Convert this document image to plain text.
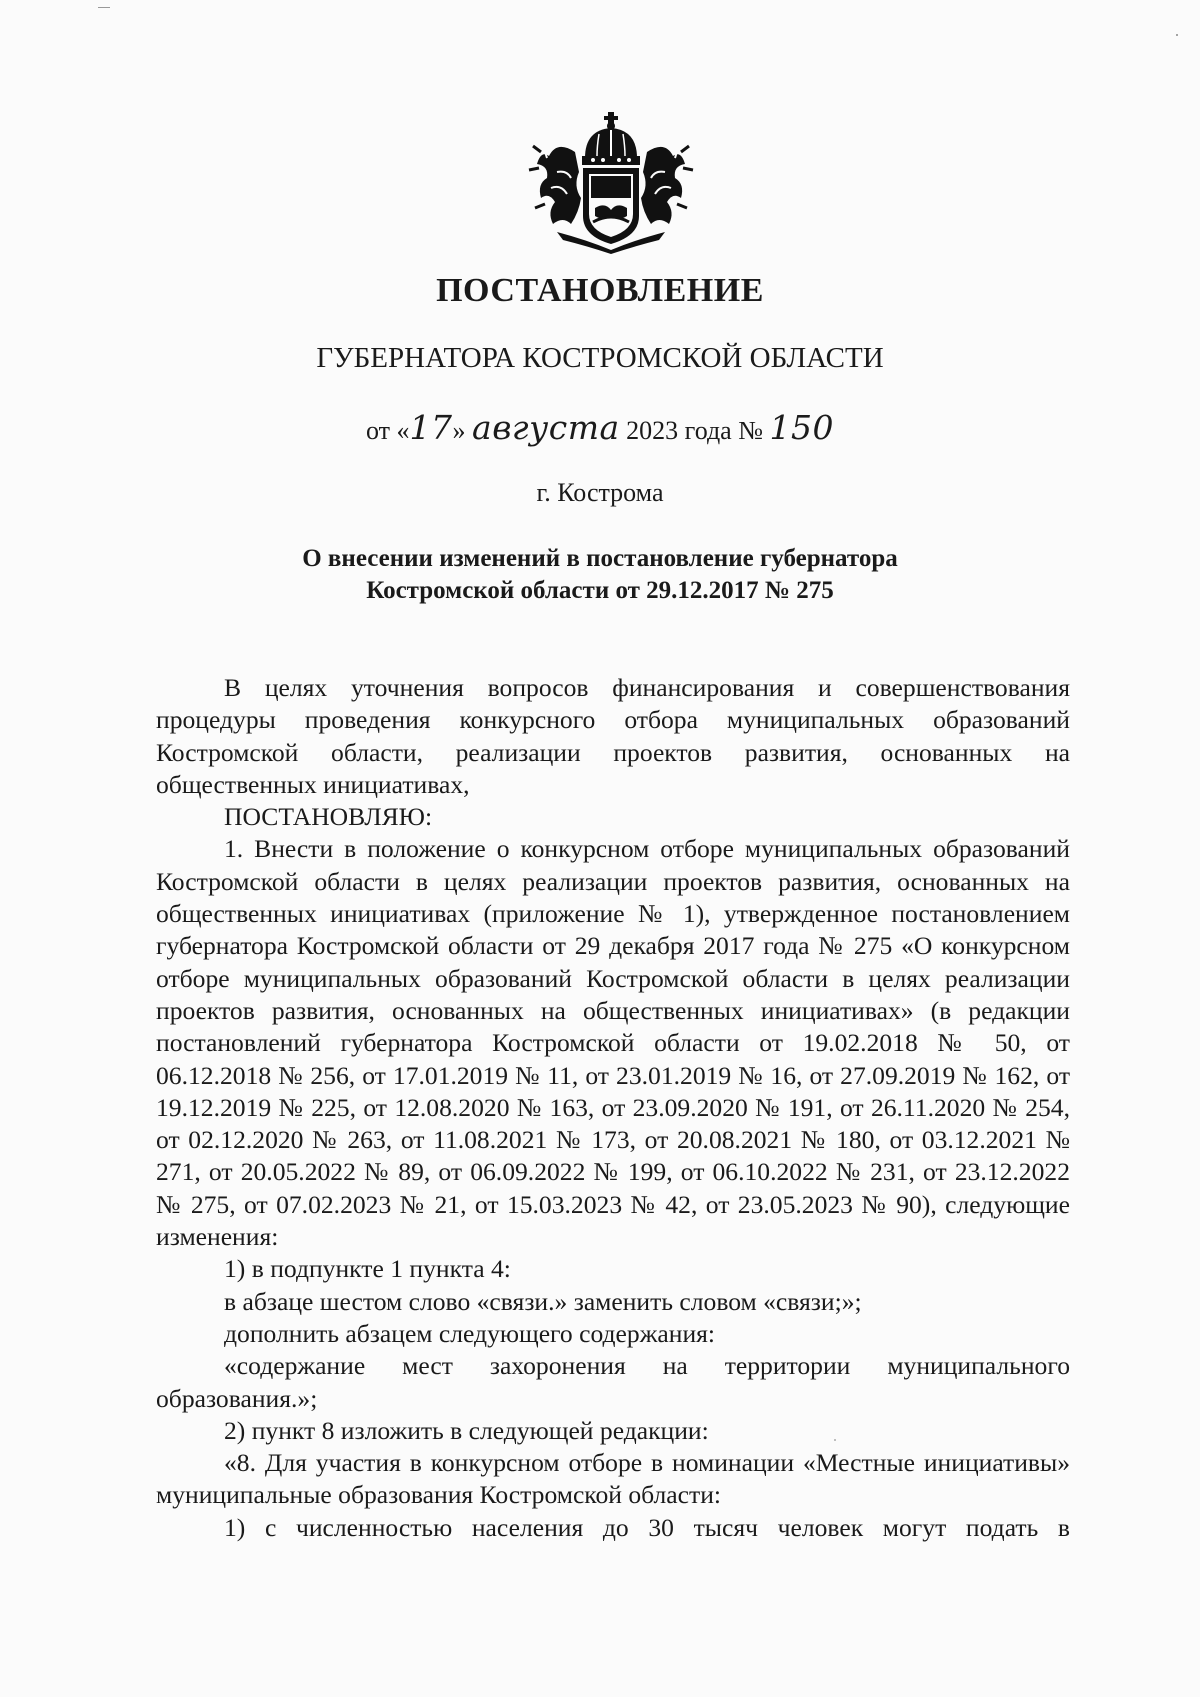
ПОСТАНОВЛЕНИЕ
ГУБЕРНАТОРА КОСТРОМСКОЙ ОБЛАСТИ
от «17» августа 2023 года № 150
г. Кострома
О внесении изменений в постановление губернатора
Костромской области от 29.12.2017 № 275

В целях уточнения вопросов финансирования и совершенствования процедуры проведения конкурсного отбора муниципальных образований Костромской области, реализации проектов развития, основанных на общественных инициативах,

ПОСТАНОВЛЯЮ:

1. Внести в положение о конкурсном отборе муниципальных образований Костромской области в целях реализации проектов развития, основанных на общественных инициативах (приложение № 1), утвержденное постановлением губернатора Костромской области от 29 декабря 2017 года № 275 «О конкурсном отборе муниципальных образований Костромской области в целях реализации проектов развития, основанных на общественных инициативах» (в редакции постановлений губернатора Костромской области от 19.02.2018 № 50, от 06.12.2018 № 256, от 17.01.2019 № 11, от 23.01.2019 № 16, от 27.09.2019 № 162, от 19.12.2019 № 225, от 12.08.2020 № 163, от 23.09.2020 № 191, от 26.11.2020 № 254, от 02.12.2020 № 263, от 11.08.2021 № 173, от 20.08.2021 № 180, от 03.12.2021 № 271, от 20.05.2022 № 89, от 06.09.2022 № 199, от 06.10.2022 № 231, от 23.12.2022 № 275, от 07.02.2023 № 21, от 15.03.2023 № 42, от 23.05.2023 № 90), следующие изменения:

1) в подпункте 1 пункта 4:

в абзаце шестом слово «связи.» заменить словом «связи;»;

дополнить абзацем следующего содержания:

«содержание мест захоронения на территории муниципального образования.»;

2) пункт 8 изложить в следующей редакции:

«8. Для участия в конкурсном отборе в номинации «Местные инициативы» муниципальные образования Костромской области:

1) с численностью населения до 30 тысяч человек могут подать в
